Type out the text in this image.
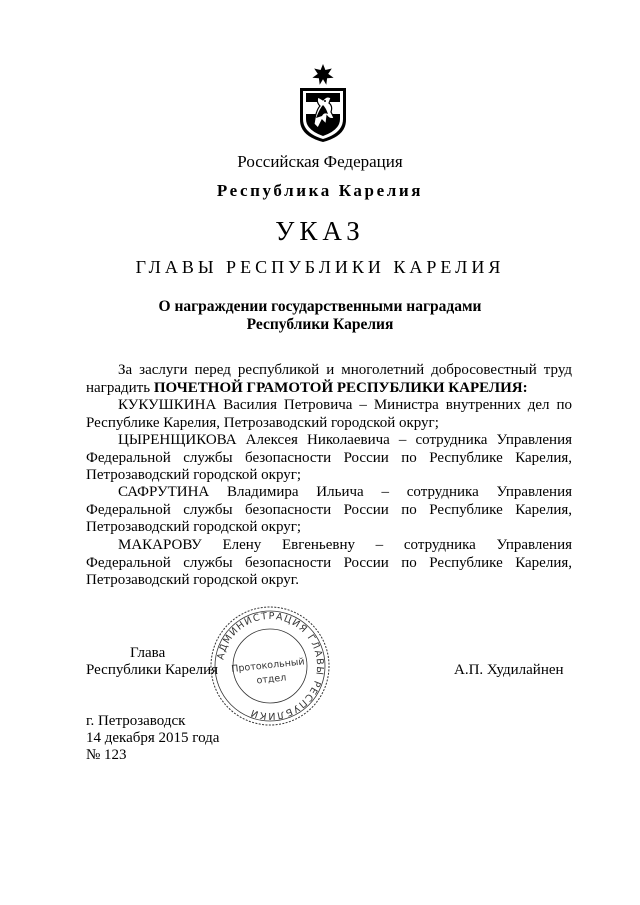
Российская Федерация
Республика Карелия
УКАЗ
ГЛАВЫ РЕСПУБЛИКИ КАРЕЛИЯ
О награждении государственными наградами
Республики Карелия

За заслуги перед республикой и многолетний добросовестный труд наградить ПОЧЕТНОЙ ГРАМОТОЙ РЕСПУБЛИКИ КАРЕЛИЯ:

КУКУШКИНА Василия Петровича – Министра внутренних дел по Республике Карелия, Петрозаводский городской округ;

ЦЫРЕНЩИКОВА Алексея Николаевича – сотрудника Управления Федеральной службы безопасности России по Республике Карелия, Петрозаводский городской округ;

САФРУТИНА Владимира Ильича – сотрудника Управления Федеральной службы безопасности России по Республике Карелия, Петрозаводский городской округ;

МАКАРОВУ Елену Евгеньевну – сотрудника Управления Федеральной службы безопасности России по Республике Карелия, Петрозаводский городской округ.

Глава
Республики Карелия	А.П. Худилайнен
АДМИНИСТРАЦИЯ ГЛАВЫ РЕСПУБЛИКИ
Протокольный
отдел
г. Петрозаводск
14 декабря 2015 года
№ 123
